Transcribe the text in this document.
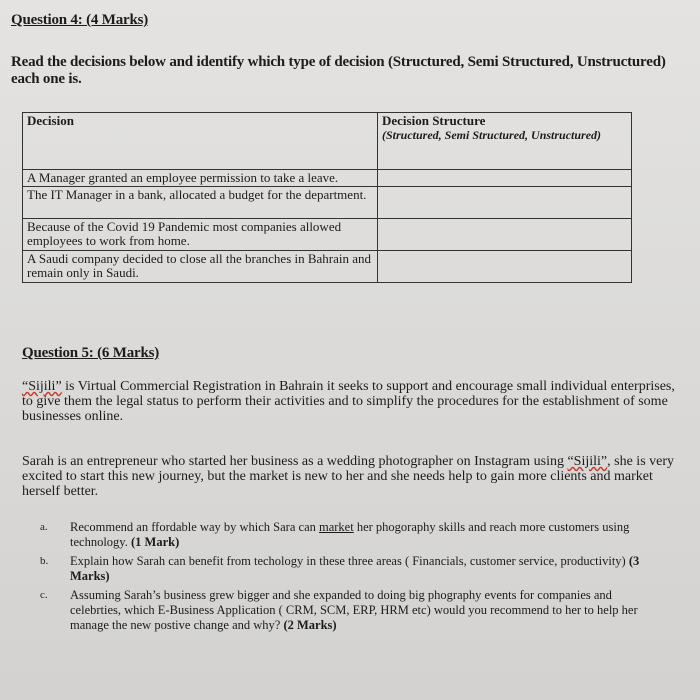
Question 4: (4 Marks)
Read the decisions below and identify which type of decision (Structured, Semi Structured, Unstructured) each one is.
Decision	Decision Structure
(Structured, Semi Structured, Unstructured)

A Manager granted an employee permission to take a leave.	
The IT Manager in a bank, allocated a budget for the department.	
Because of the Covid 19 Pandemic most companies allowed employees to work from home.	
A Saudi company decided to close all the branches in Bahrain and remain only in Saudi.	
Question 5: (6 Marks)
“Sijili” is Virtual Commercial Registration in Bahrain it seeks to support and encourage small individual enterprises, to give them the legal status to perform their activities and to simplify the procedures for the establishment of some businesses online.
Sarah is an entrepreneur who started her business as a wedding photographer on Instagram using “Sijili”, she is very excited to start this new journey, but the market is new to her and she needs help to gain more clients and market herself better.
a. Recommend an ffordable way by which Sara can market her phogoraphy skills and reach more customers using technology. (1 Mark)
b. Explain how Sarah can benefit from techology in these three areas ( Financials, customer service, productivity) (3 Marks)
c. Assuming Sarah’s business grew bigger and she expanded to doing big phography events for companies and celebrties, which E-Business Application ( CRM, SCM, ERP, HRM etc) would you recommend to her to help her manage the new postive change and why? (2 Marks)
